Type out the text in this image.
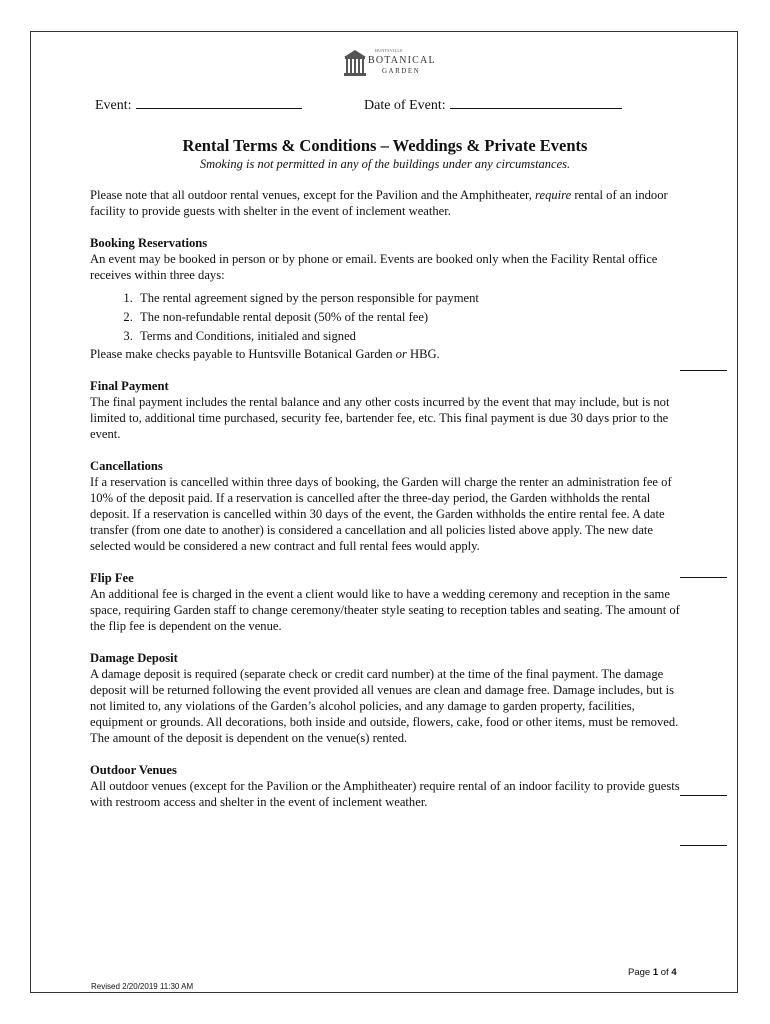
HUNTSVILLE
BOTANICAL
GARDEN
Event:	Date of Event:
Rental Terms & Conditions – Weddings & Private Events
Smoking is not permitted in any of the buildings under any circumstances.

Please note that all outdoor rental venues, except for the Pavilion and the Amphitheater, require rental of an indoor facility to provide guests with shelter in the event of inclement weather.

Booking Reservations

An event may be booked in person or by phone or email. Events are booked only when the Facility Rental office receives within three days:

1. The rental agreement signed by the person responsible for payment
2. The non-refundable rental deposit (50% of the rental fee)
3. Terms and Conditions, initialed and signed

Please make checks payable to Huntsville Botanical Garden or HBG.

Final Payment

The final payment includes the rental balance and any other costs incurred by the event that may include, but is not limited to, additional time purchased, security fee, bartender fee, etc. This final payment is due 30 days prior to the event.

Cancellations

If a reservation is cancelled within three days of booking, the Garden will charge the renter an administration fee of 10% of the deposit paid. If a reservation is cancelled after the three-day period, the Garden withholds the rental deposit. If a reservation is cancelled within 30 days of the event, the Garden withholds the entire rental fee. A date transfer (from one date to another) is considered a cancellation and all policies listed above apply. The new date selected would be considered a new contract and full rental fees would apply.

Flip Fee

An additional fee is charged in the event a client would like to have a wedding ceremony and reception in the same space, requiring Garden staff to change ceremony/theater style seating to reception tables and seating. The amount of the flip fee is dependent on the venue.

Damage Deposit

A damage deposit is required (separate check or credit card number) at the time of the final payment. The damage deposit will be returned following the event provided all venues are clean and damage free. Damage includes, but is not limited to, any violations of the Garden’s alcohol policies, and any damage to garden property, facilities, equipment or grounds. All decorations, both inside and outside, flowers, cake, food or other items, must be removed. The amount of the deposit is dependent on the venue(s) rented.

Outdoor Venues

All outdoor venues (except for the Pavilion or the Amphitheater) require rental of an indoor facility to provide guests with restroom access and shelter in the event of inclement weather.

Page 1 of 4
Revised 2/20/2019 11:30 AM
